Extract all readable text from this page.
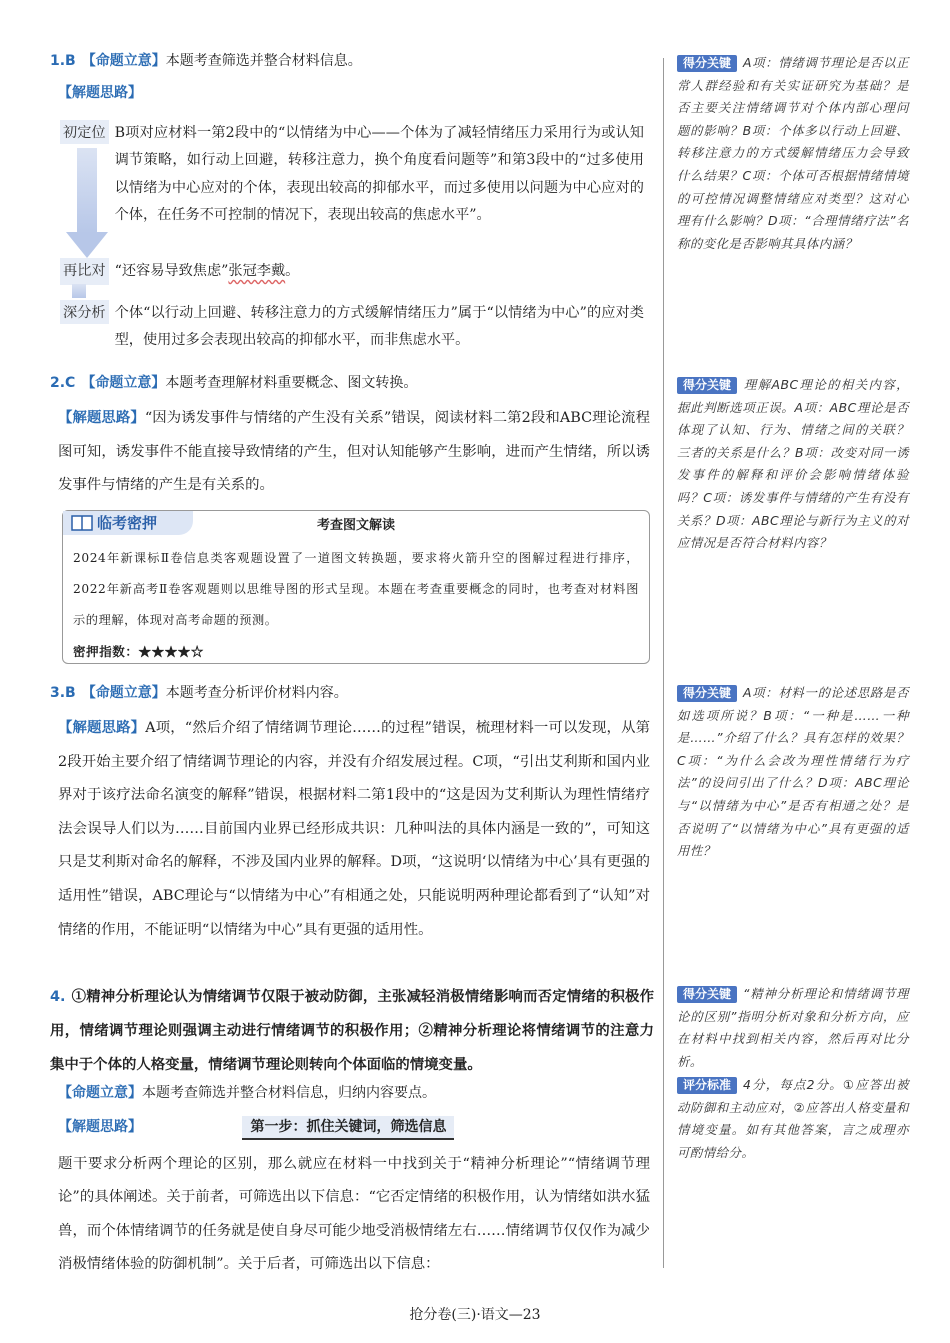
1.B 【命题立意】本题考查筛选并整合材料信息。
【解题思路】
初定位 B项对应材料一第2段中的“以情绪为中心——个体为了减轻情绪压力采用行为或认知调节策略，如行动上回避，转移注意力，换个角度看问题等”和第3段中的“过多使用以情绪为中心应对的个体，表现出较高的抑郁水平，而过多使用以问题为中心应对的个体，在任务不可控制的情况下，表现出较高的焦虑水平”。

再比对 “还容易导致焦虑”张冠李戴。
深分析 个体“以行动上回避、转移注意力的方式缓解情绪压力”属于“以情绪为中心”的应对类型，使用过多会表现出较高的抑郁水平，而非焦虑水平。

2.C 【命题立意】本题考查理解材料重要概念、图文转换。

【解题思路】“因为诱发事件与情绪的产生没有关系”错误，阅读材料二第2段和ABC理论流程图可知，诱发事件不能直接导致情绪的产生，但对认知能够产生影响，进而产生情绪，所以诱发事件与情绪的产生是有关系的。

临考密押	考查图文解读

2024年新课标Ⅱ卷信息类客观题设置了一道图文转换题，要求将火箭升空的图解过程进行排序，2022年新高考Ⅱ卷客观题则以思维导图的形式呈现。本题在考查重要概念的同时，也考查对材料图示的理解，体现对高考命题的预测。

密押指数：★★★★☆
3.B 【命题立意】本题考查分析评价材料内容。

【解题思路】A项，“然后介绍了情绪调节理论……的过程”错误，梳理材料一可以发现，从第2段开始主要介绍了情绪调节理论的内容，并没有介绍发展过程。C项，“引出艾利斯和国内业界对于该疗法命名演变的解释”错误，根据材料二第1段中的“这是因为艾利斯认为理性情绪疗法会误导人们以为……目前国内业界已经形成共识：几种叫法的具体内涵是一致的”，可知这只是艾利斯对命名的解释，不涉及国内业界的解释。D项，“这说明‘以情绪为中心’具有更强的适用性”错误，ABC理论与“以情绪为中心”有相通之处，只能说明两种理论都看到了“认知”对情绪的作用，不能证明“以情绪为中心”具有更强的适用性。

4. ①精神分析理论认为情绪调节仅限于被动防御，主张减轻消极情绪影响而否定情绪的积极作用，情绪调节理论则强调主动进行情绪调节的积极作用；②精神分析理论将情绪调节的注意力集中于个体的人格变量，情绪调节理论则转向个体面临的情境变量。

【命题立意】本题考查筛选并整合材料信息，归纳内容要点。
【解题思路】	第一步：抓住关键词，筛选信息

题干要求分析两个理论的区别，那么就应在材料一中找到关于“精神分析理论”“情绪调节理论”的具体阐述。关于前者，可筛选出以下信息：“它否定情绪的积极作用，认为情绪如洪水猛兽，而个体情绪调节的任务就是使自身尽可能少地受消极情绪左右……情绪调节仅仅作为减少消极情绪体验的防御机制”。关于后者，可筛选出以下信息：

得分关键 A项：情绪调节理论是否以正常人群经验和有关实证研究为基础？是否主要关注情绪调节对个体内部心理问题的影响？B项：个体多以行动上回避、转移注意力的方式缓解情绪压力会导致什么结果？C项：个体可否根据情绪情境的可控情况调整情绪应对类型？这对心理有什么影响？D项：“合理情绪疗法”名称的变化是否影响其具体内涵？

得分关键 理解ABC理论的相关内容，据此判断选项正误。A项：ABC理论是否体现了认知、行为、情绪之间的关联？三者的关系是什么？B项：改变对同一诱发事件的解释和评价会影响情绪体验吗？C项：诱发事件与情绪的产生有没有关系？D项：ABC理论与新行为主义的对应情况是否符合材料内容？

得分关键 A项：材料一的论述思路是否如选项所说？B项：“一种是……一种是……”介绍了什么？具有怎样的效果？C项：“为什么会改为理性情绪行为疗法”的设问引出了什么？D项：ABC理论与“以情绪为中心”是否有相通之处？是否说明了“以情绪为中心”具有更强的适用性？

得分关键 “精神分析理论和情绪调节理论的区别”指明分析对象和分析方向，应在材料中找到相关内容，然后再对比分析。

评分标准 4分，每点2分。①应答出被动防御和主动应对，②应答出人格变量和情境变量。如有其他答案，言之成理亦可酌情给分。

抢分卷(三)·语文—23
